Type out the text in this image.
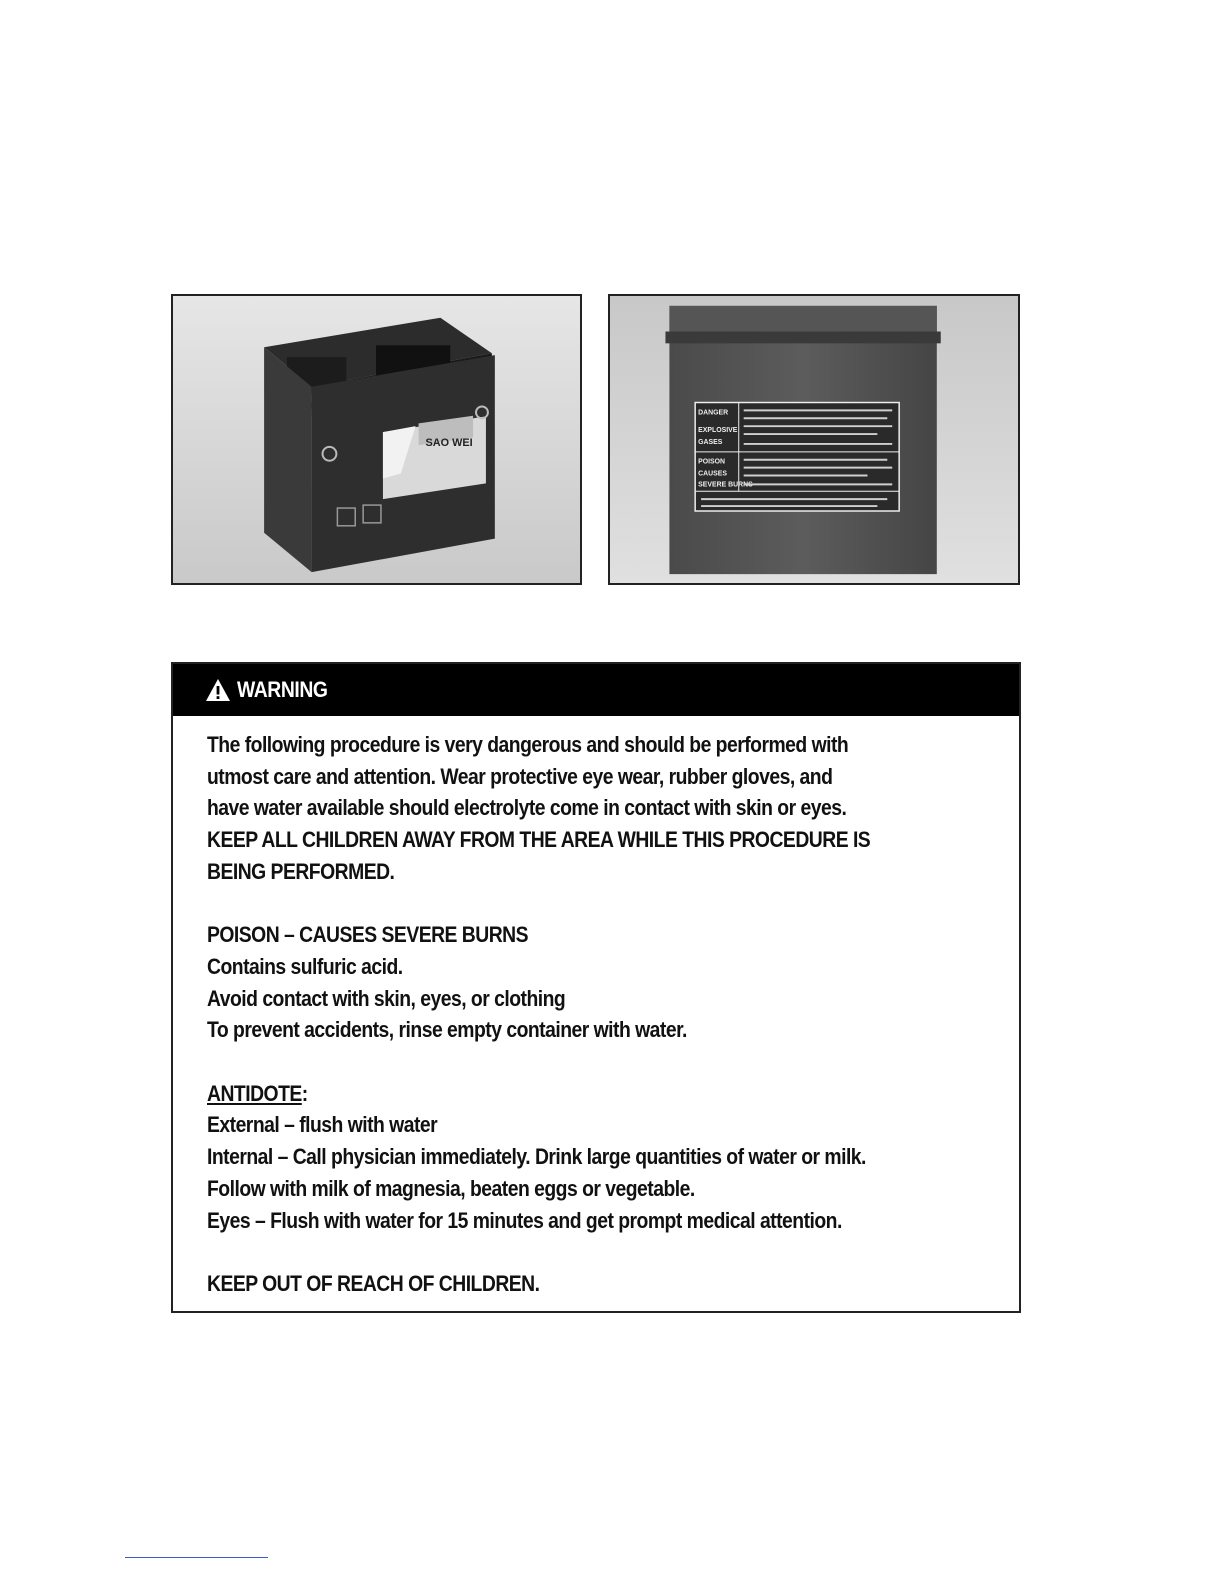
SAO WEI
DANGER
EXPLOSIVE
GASES
POISON
CAUSES
SEVERE BURNS
WARNING
The following procedure is very dangerous and should be performed with
utmost care and attention. Wear protective eye wear, rubber gloves, and
have water available should electrolyte come in contact with skin or eyes.
KEEP ALL CHILDREN AWAY FROM THE AREA WHILE THIS PROCEDURE IS
BEING PERFORMED.
POISON – CAUSES SEVERE BURNS
Contains sulfuric acid.
Avoid contact with skin, eyes, or clothing
To prevent accidents, rinse empty container with water.
ANTIDOTE:
External – flush with water
Internal – Call physician immediately. Drink large quantities of water or milk.
Follow with milk of magnesia, beaten eggs or vegetable.
Eyes – Flush with water for 15 minutes and get prompt medical attention.
KEEP OUT OF REACH OF CHILDREN.
